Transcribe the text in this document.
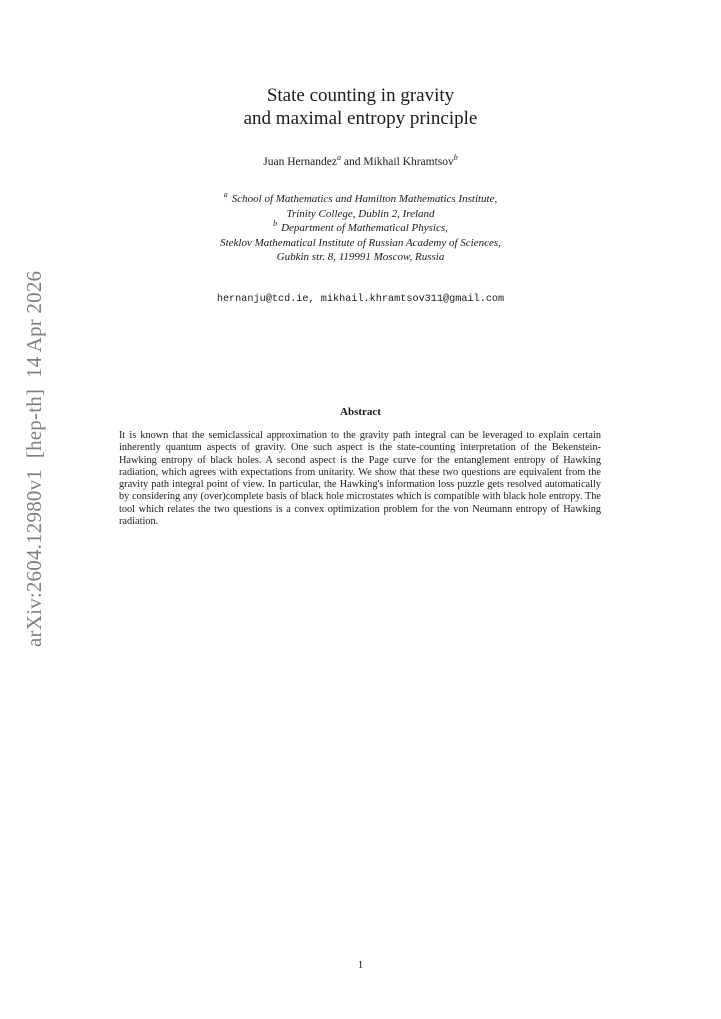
arXiv:2604.12980v1  [hep-th]  14 Apr 2026
State counting in gravity
and maximal entropy principle
Juan Hernandez$^a$ and Mikhail Khramtsov$^b$
$^a$ School of Mathematics and Hamilton Mathematics Institute,
Trinity College, Dublin 2, Ireland
$^b$ Department of Mathematical Physics,
Steklov Mathematical Institute of Russian Academy of Sciences,
Gubkin str. 8, 119991 Moscow, Russia
hernanju@tcd.ie, mikhail.khramtsov311@gmail.com
Abstract
It is known that the semiclassical approximation to the gravity path integral can be leveraged to explain certain inherently quantum aspects of gravity. One such aspect is the state-counting interpretation of the Bekenstein-Hawking entropy of black holes. A second aspect is the Page curve for the entanglement entropy of Hawking radiation, which agrees with expectations from unitarity. We show that these two questions are equivalent from the gravity path integral point of view. In particular, the Hawking's information loss puzzle gets resolved automatically by considering any (over)complete basis of black hole microstates which is compatible with black hole entropy. The tool which relates the two questions is a convex optimization problem for the von Neumann entropy of Hawking radiation.
1
